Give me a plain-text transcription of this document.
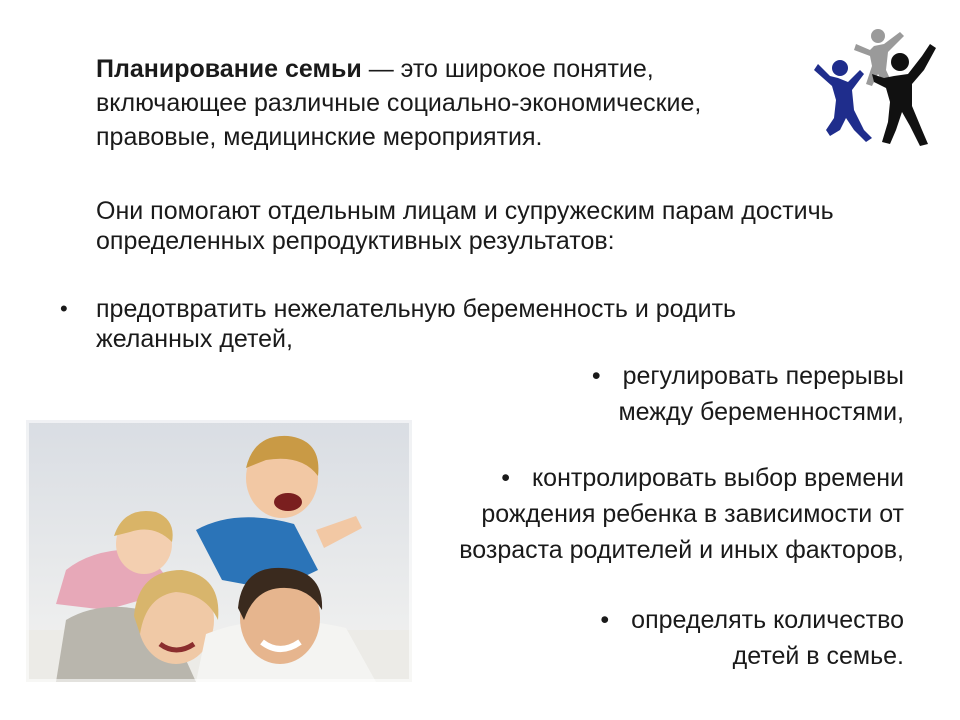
Планирование семьи — это широкое понятие,
включающее различные социально-экономические,
правовые, медицинские мероприятия.
Они помогают отдельным лицам и супружеским парам достичь
определенных репродуктивных результатов:
• предотвратить нежелательную беременность и родить
желанных детей,
• регулировать перерывы
между беременностями,
• контролировать выбор времени
рождения ребенка в зависимости от
возраста родителей и иных факторов,
• определять количество
детей в семье.
